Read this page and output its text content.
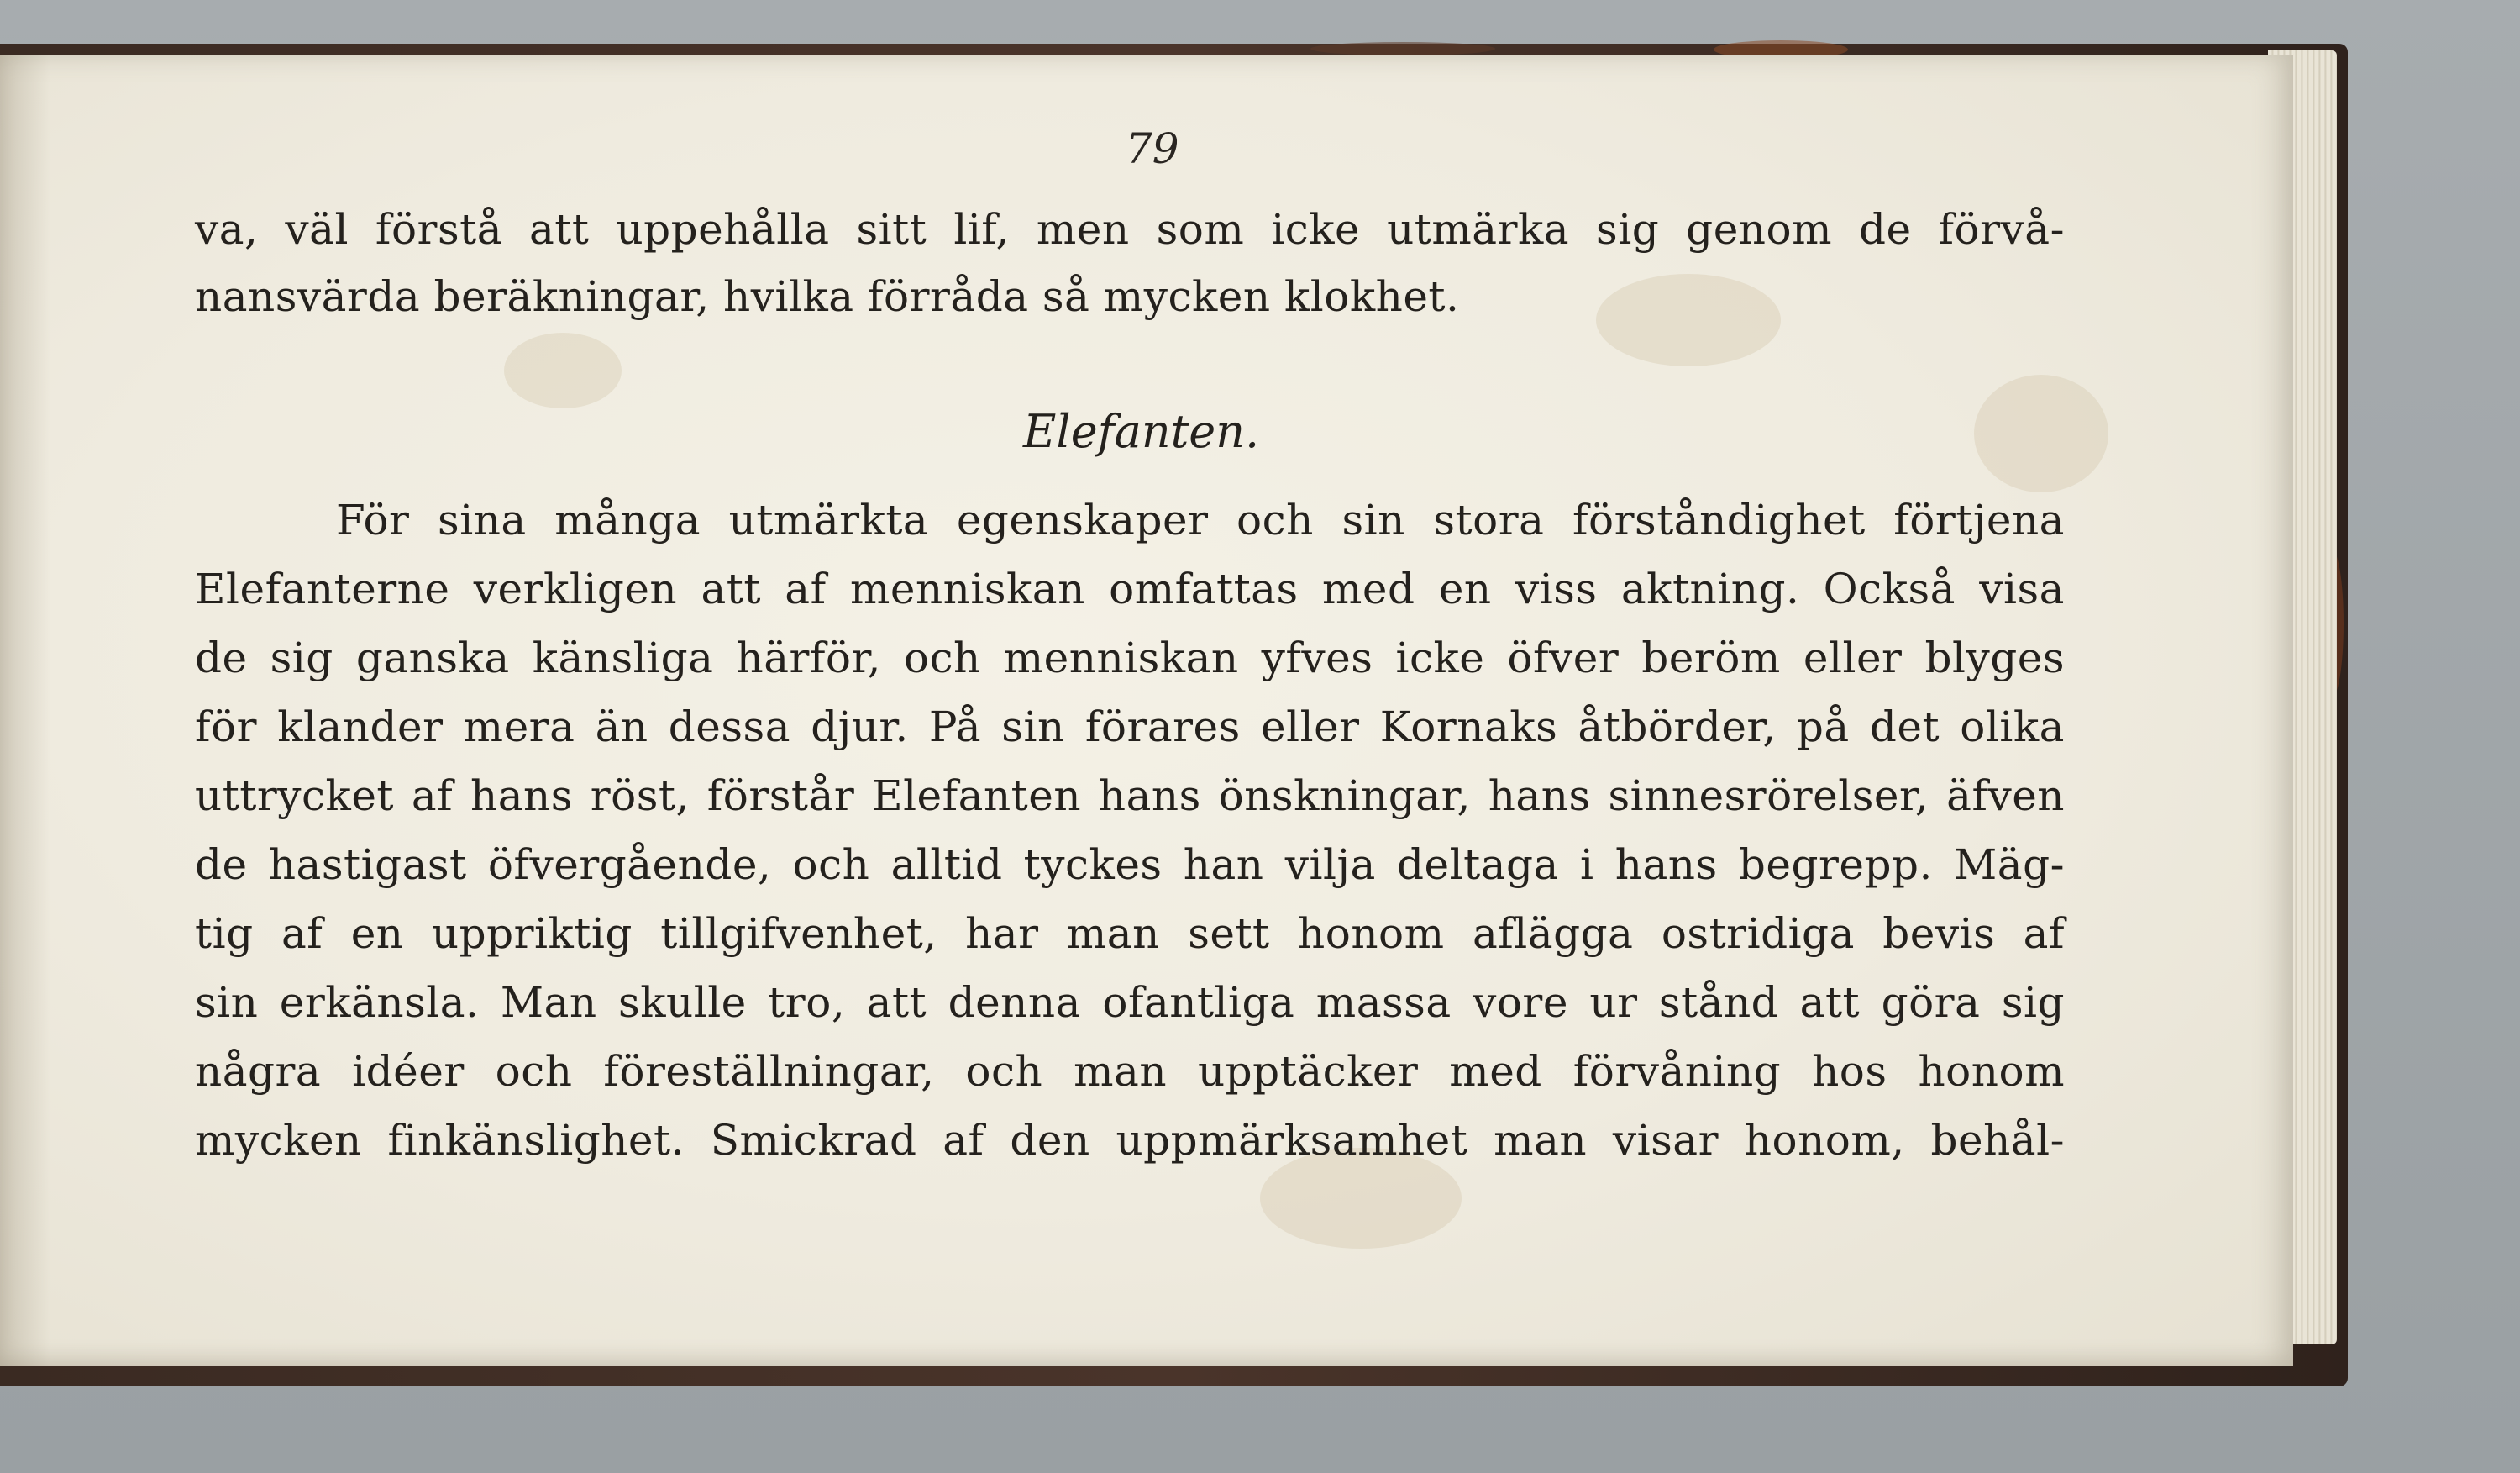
79
va, väl förstå att uppehålla sitt lif, men som icke utmärka sig genom de förvå-
nansvärda beräkningar, hvilka förråda så mycken klokhet.
Elefanten.
För sina många utmärkta egenskaper och sin stora förståndighet förtjena
Elefanterne verkligen att af menniskan omfattas med en viss aktning. Också visa
de sig ganska känsliga härför, och menniskan yfves icke öfver beröm eller blyges
för klander mera än dessa djur. På sin förares eller Kornaks åtbörder, på det olika
uttrycket af hans röst, förstår Elefanten hans önskningar, hans sinnesrörelser, äfven
de hastigast öfvergående, och alltid tyckes han vilja deltaga i hans begrepp. Mäg-
tig af en uppriktig tillgifvenhet, har man sett honom aflägga ostridiga bevis af
sin erkänsla. Man skulle tro, att denna ofantliga massa vore ur stånd att göra sig
några idéer och föreställningar, och man upptäcker med förvåning hos honom
mycken finkänslighet. Smickrad af den uppmärksamhet man visar honom, behål-
